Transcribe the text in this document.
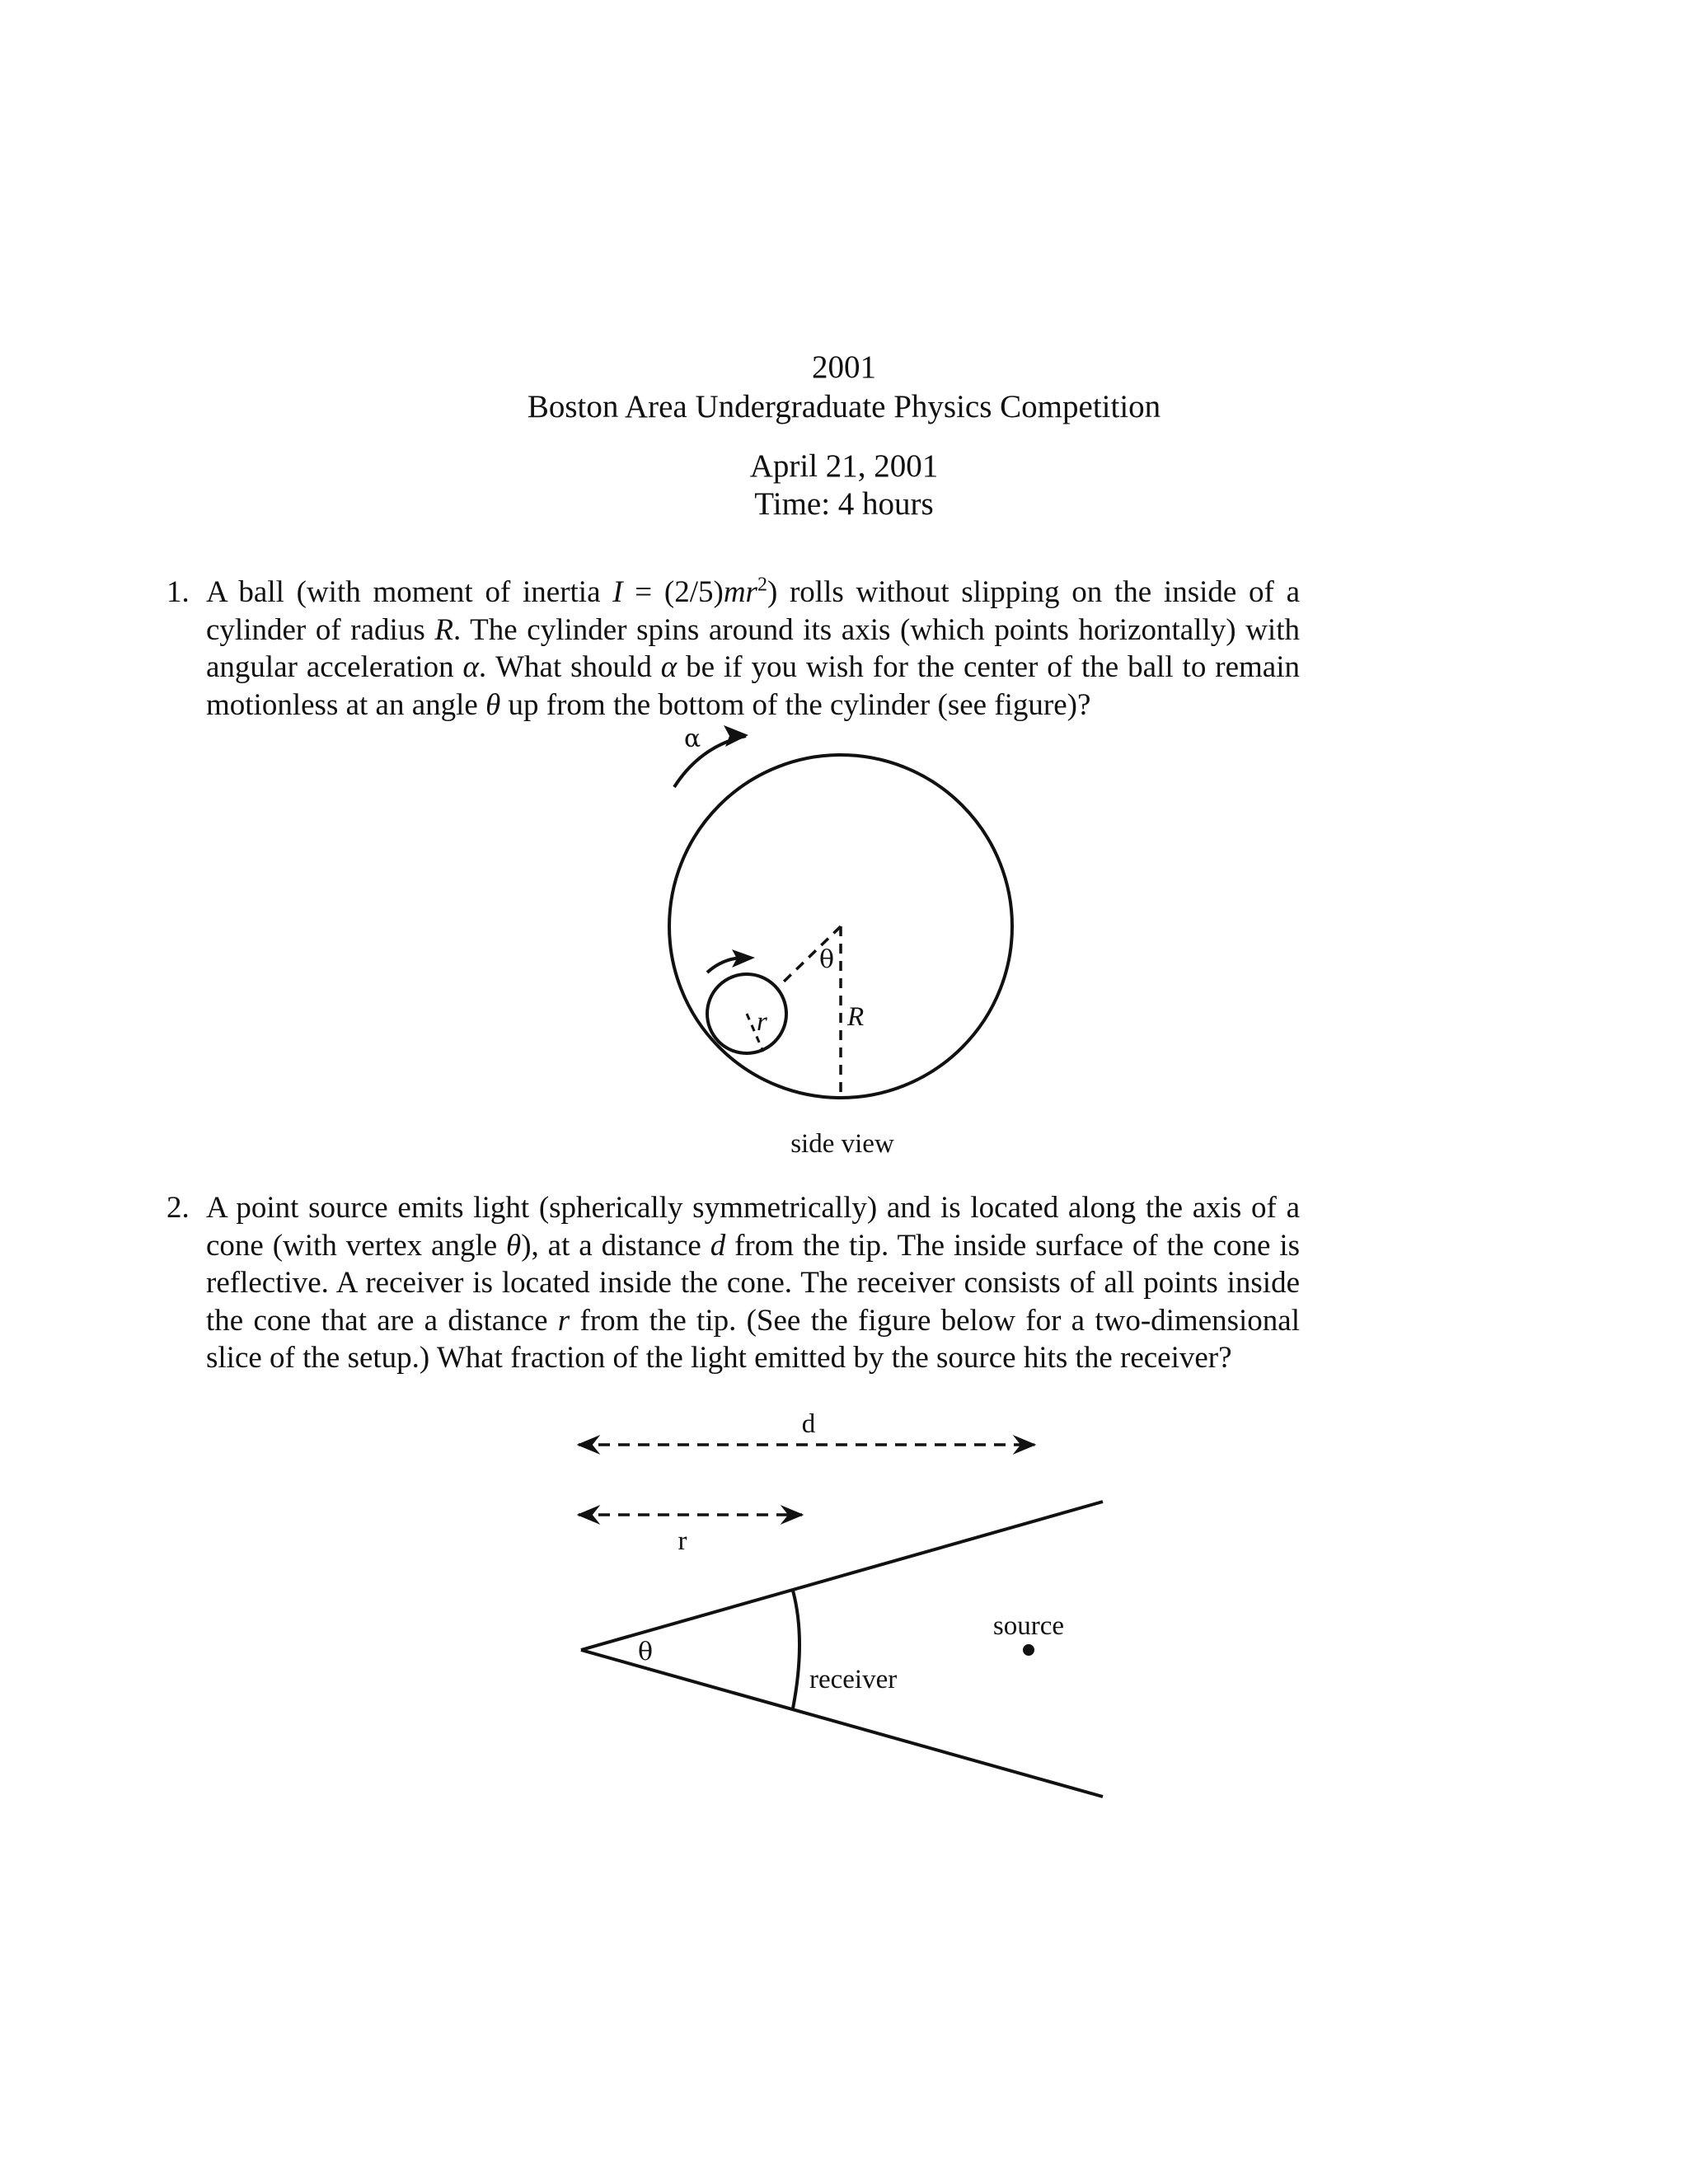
2001
Boston Area Undergraduate Physics Competition
April 21, 2001
Time: 4 hours
1. A ball (with moment of inertia $I = (2/5)mr^2$) rolls without slipping on the inside of a cylinder of radius R. The cylinder spins around its axis (which points horizontally) with angular acceleration α. What should α be if you wish for the center of the ball to remain motionless at an angle θ up from the bottom of the cylinder (see figure)?
2. A point source emits light (spherically symmetrically) and is located along the axis of a cone (with vertex angle θ), at a distance d from the tip. The inside surface of the cone is reflective. A receiver is located inside the cone. The receiver consists of all points inside the cone that are a distance r from the tip. (See the figure below for a two-dimensional slice of the setup.) What fraction of the light emitted by the source hits the receiver?
α
θ
R
r
side view
d
r
θ
receiver
source
